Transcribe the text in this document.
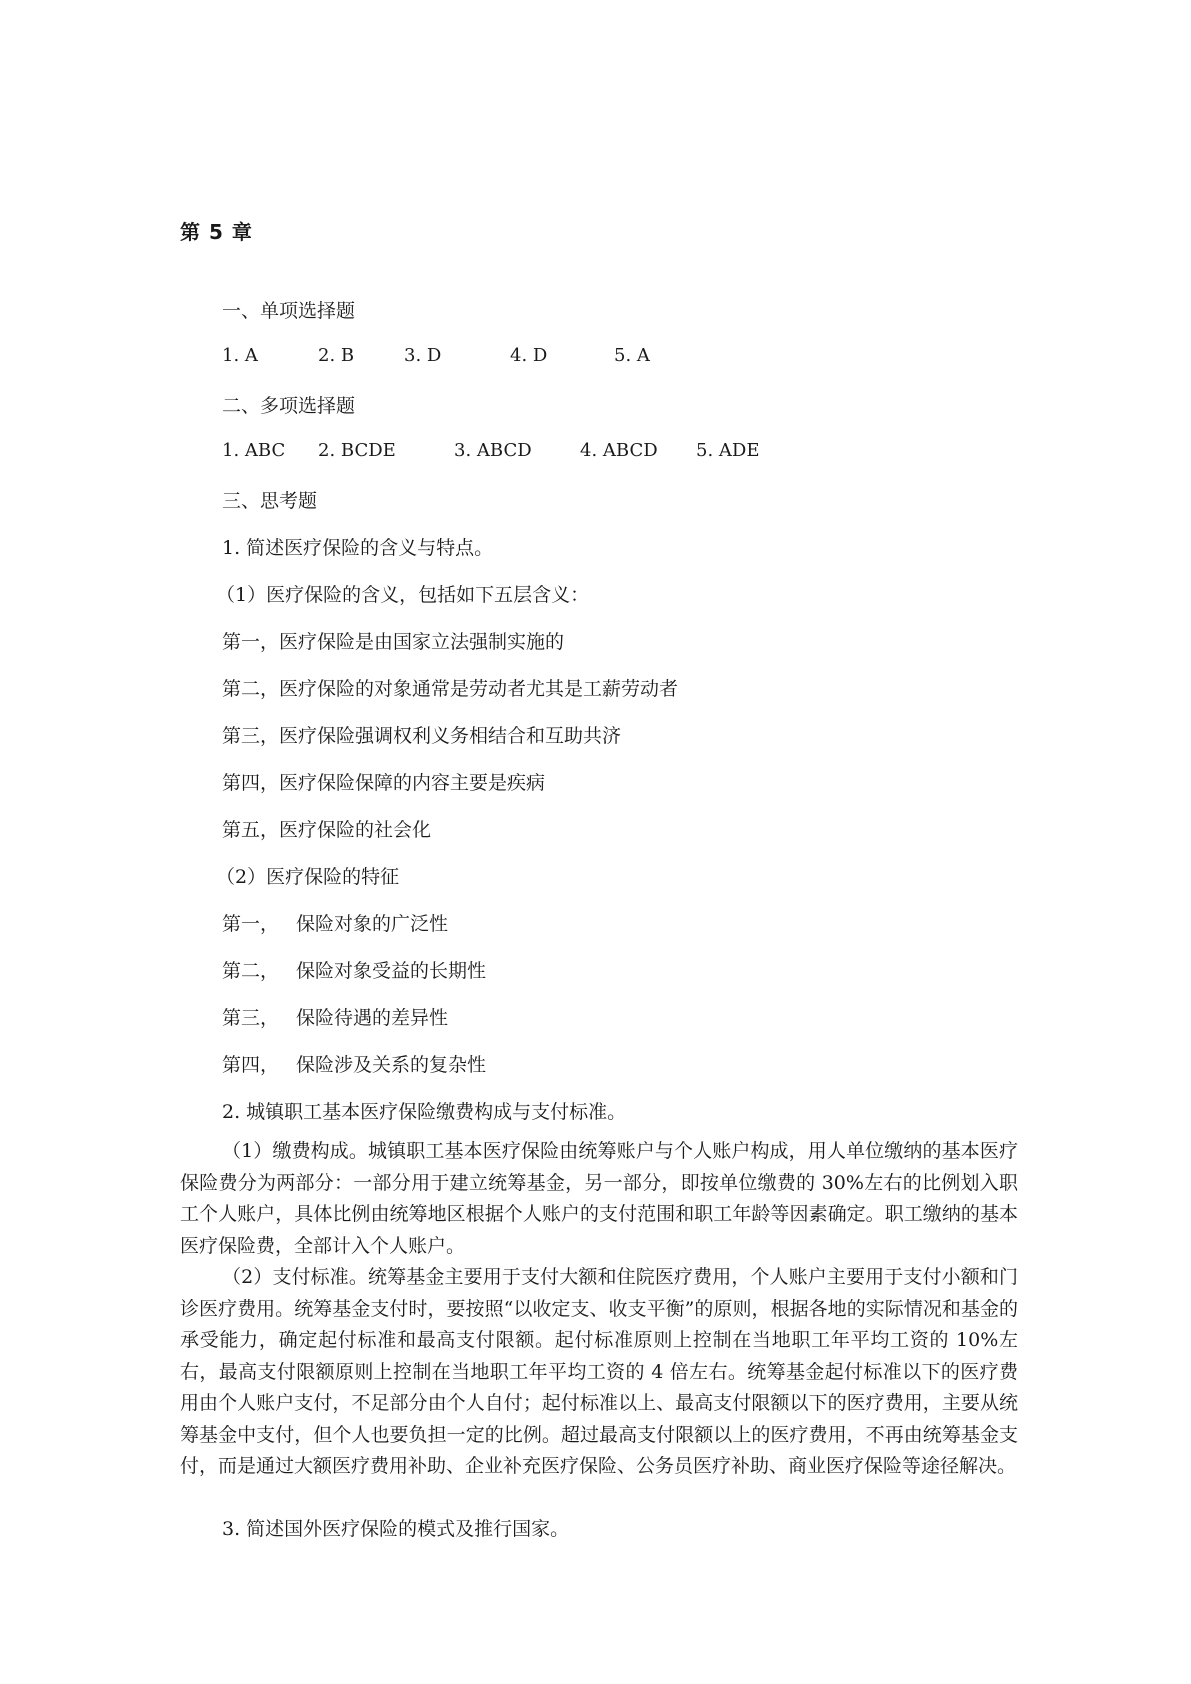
第 5 章
一、单项选择题
1. A	2. B	3. D	4. D	5. A
二、多项选择题
1. ABC 2. BCDE	3. ABCD	4. ABCD 5. ADE
三、思考题
1. 简述医疗保险的含义与特点。
（1）医疗保险的含义，包括如下五层含义：
第一，医疗保险是由国家立法强制实施的
第二，医疗保险的对象通常是劳动者尤其是工薪劳动者
第三，医疗保险强调权利义务相结合和互助共济
第四，医疗保险保障的内容主要是疾病
第五，医疗保险的社会化
（2）医疗保险的特征
第一， 保险对象的广泛性
第二， 保险对象受益的长期性
第三， 保险待遇的差异性
第四， 保险涉及关系的复杂性
2. 城镇职工基本医疗保险缴费构成与支付标准。
（1）缴费构成。城镇职工基本医疗保险由统筹账户与个人账户构成，用人单位缴纳的基本医疗保险费分为两部分：一部分用于建立统筹基金，另一部分，即按单位缴费的 30%左右的比例划入职工个人账户，具体比例由统筹地区根据个人账户的支付范围和职工年龄等因素确定。职工缴纳的基本医疗保险费，全部计入个人账户。
（2）支付标准。统筹基金主要用于支付大额和住院医疗费用，个人账户主要用于支付小额和门诊医疗费用。统筹基金支付时，要按照“以收定支、收支平衡”的原则，根据各地的实际情况和基金的承受能力，确定起付标准和最高支付限额。起付标准原则上控制在当地职工年平均工资的 10%左右，最高支付限额原则上控制在当地职工年平均工资的 4 倍左右。统筹基金起付标准以下的医疗费用由个人账户支付，不足部分由个人自付；起付标准以上、最高支付限额以下的医疗费用，主要从统筹基金中支付，但个人也要负担一定的比例。超过最高支付限额以上的医疗费用，不再由统筹基金支付，而是通过大额医疗费用补助、企业补充医疗保险、公务员医疗补助、商业医疗保险等途径解决。
3. 简述国外医疗保险的模式及推行国家。
